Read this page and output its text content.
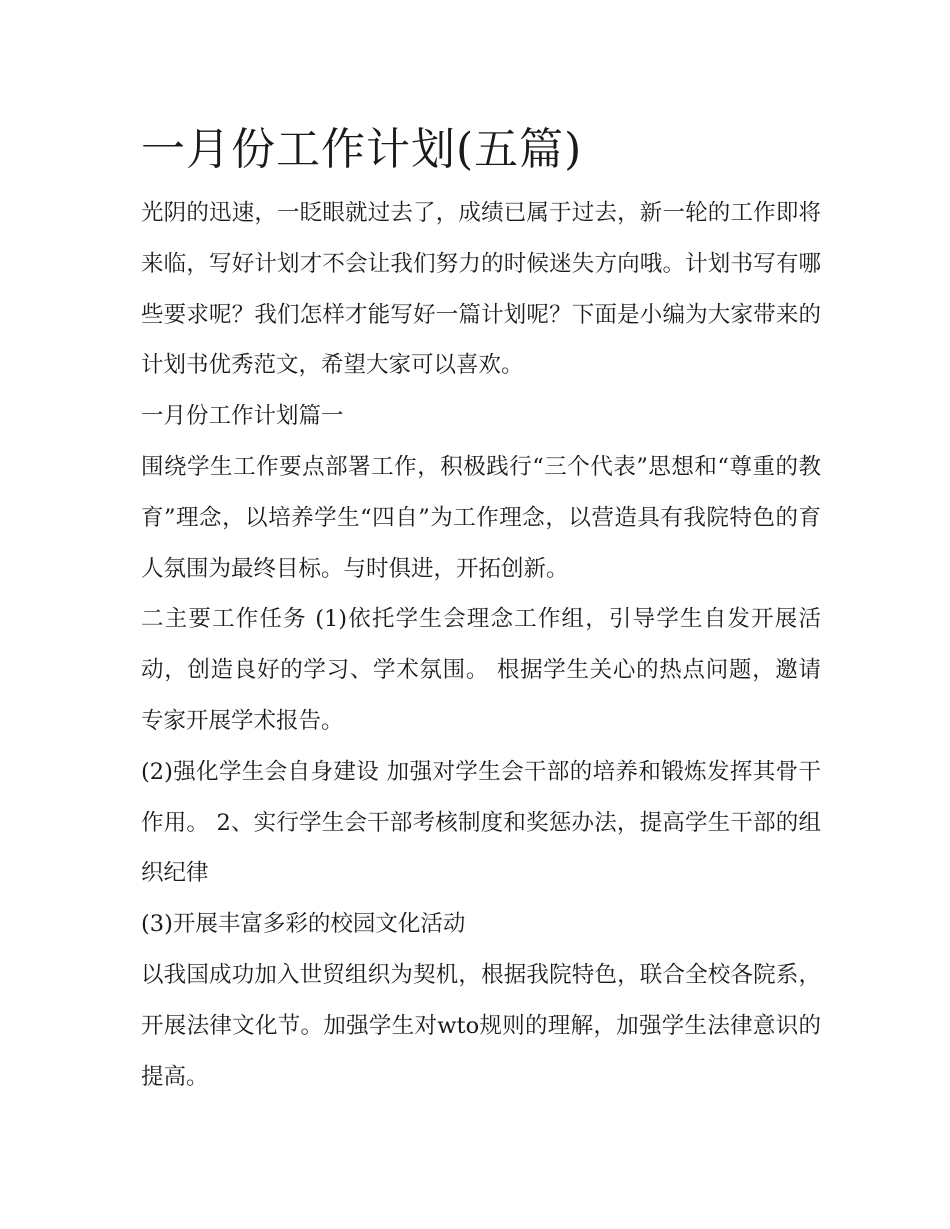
一月份工作计划(五篇)

光阴的迅速，一眨眼就过去了，成绩已属于过去，新一轮的工作即将来临，写好计划才不会让我们努力的时候迷失方向哦。计划书写有哪些要求呢？我们怎样才能写好一篇计划呢？下面是小编为大家带来的计划书优秀范文，希望大家可以喜欢。

一月份工作计划篇一

围绕学生工作要点部署工作，积极践行“三个代表”思想和“尊重的教育”理念，以培养学生“四自”为工作理念，以营造具有我院特色的育人氛围为最终目标。与时俱进，开拓创新。

二主要工作任务 (1)依托学生会理念工作组，引导学生自发开展活动，创造良好的学习、学术氛围。 根据学生关心的热点问题，邀请专家开展学术报告。

(2)强化学生会自身建设 加强对学生会干部的培养和锻炼发挥其骨干作用。 2、实行学生会干部考核制度和奖惩办法，提高学生干部的组织纪律

(3)开展丰富多彩的校园文化活动

以我国成功加入世贸组织为契机，根据我院特色，联合全校各院系，开展法律文化节。加强学生对wto规则的理解，加强学生法律意识的提高。
